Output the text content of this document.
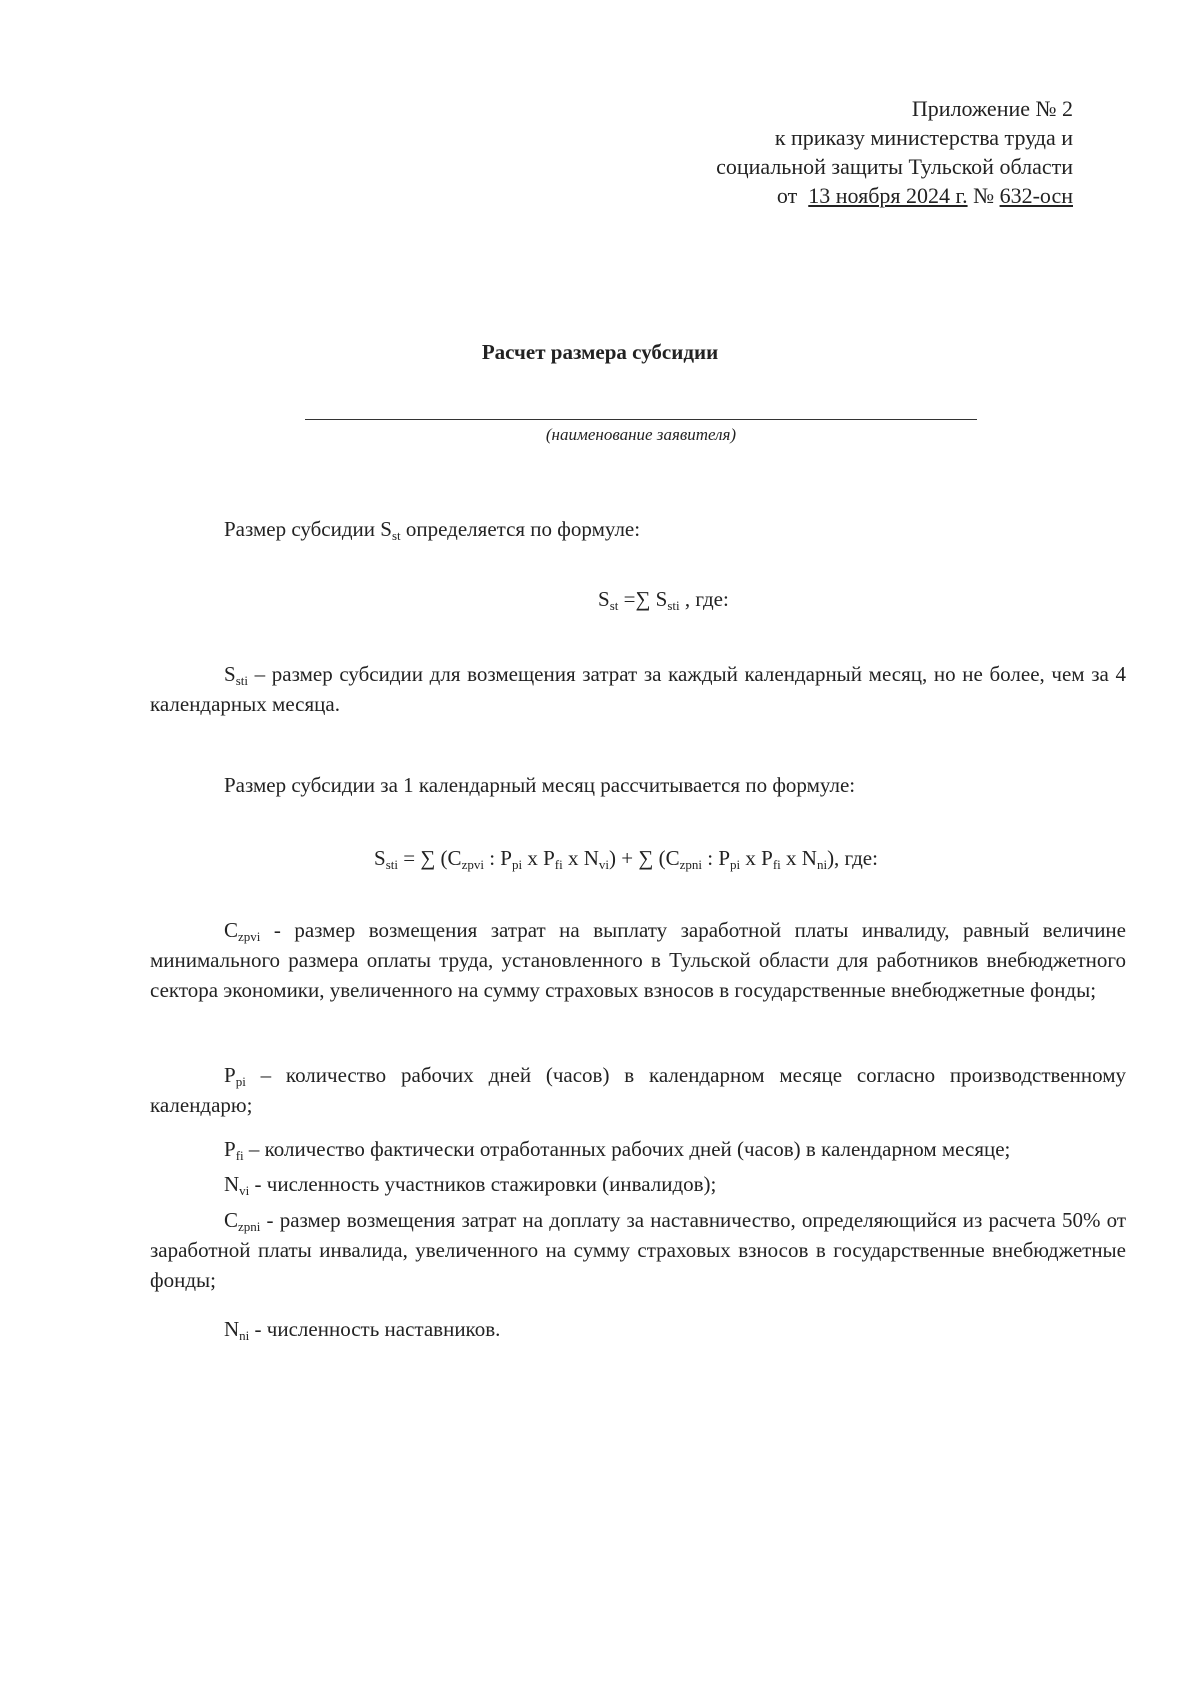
Приложение № 2
к приказу министерства труда и
социальной защиты Тульской области
от 13 ноября 2024 г. № 632-осн
Расчет размера субсидии
(наименование заявителя)
Размер субсидии $S_{st}$ определяется по формуле:
$S_{st}$ =∑ $S_{sti}$ , где:
$S_{sti}$ – размер субсидии для возмещения затрат за каждый календарный месяц, но не более, чем за 4 календарных месяца.
Размер субсидии за 1 календарный месяц рассчитывается по формуле:
$S_{sti}$ = ∑ ($C_{zpvi}$ : $P_{pi}$ x $P_{fi}$ x $N_{vi}$) + ∑ ($C_{zpni}$ : $P_{pi}$ x $P_{fi}$ x $N_{ni}$), где:
$C_{zpvi}$ - размер возмещения затрат на выплату заработной платы инвалиду, равный величине минимального размера оплаты труда, установленного в Тульской области для работников внебюджетного сектора экономики, увеличенного на сумму страховых взносов в государственные внебюджетные фонды;
$P_{pi}$ – количество рабочих дней (часов) в календарном месяце согласно производственному календарю;
$P_{fi}$ – количество фактически отработанных рабочих дней (часов) в календарном месяце;
$N_{vi}$ - численность участников стажировки (инвалидов);
$C_{zpni}$ - размер возмещения затрат на доплату за наставничество, определяющийся из расчета 50% от заработной платы инвалида, увеличенного на сумму страховых взносов в государственные внебюджетные фонды;
$N_{ni}$ - численность наставников.
